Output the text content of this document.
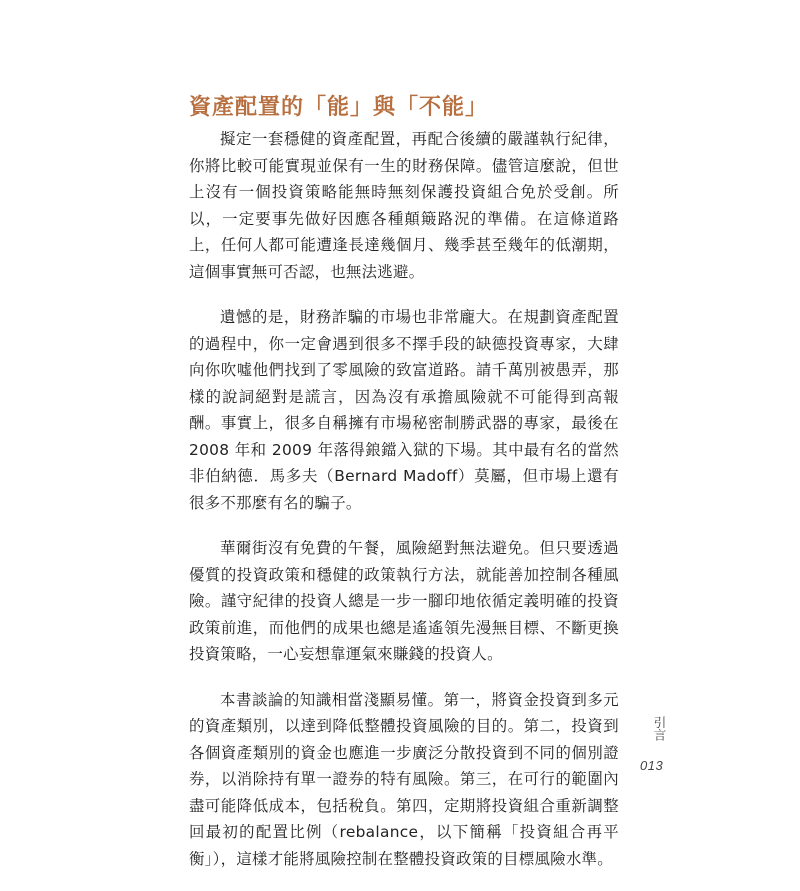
資產配置的「能」與「不能」

擬定一套穩健的資產配置，再配合後續的嚴謹執行紀律，你將比較可能實現並保有一生的財務保障。儘管這麼說，但世上沒有一個投資策略能無時無刻保護投資組合免於受創。所以，一定要事先做好因應各種顛簸路況的準備。在這條道路上，任何人都可能遭逢長達幾個月、幾季甚至幾年的低潮期，這個事實無可否認，也無法逃避。

遺憾的是，財務詐騙的市場也非常龐大。在規劃資產配置的過程中，你一定會遇到很多不擇手段的缺德投資專家，大肆向你吹噓他們找到了零風險的致富道路。請千萬別被愚弄，那樣的說詞絕對是謊言，因為沒有承擔風險就不可能得到高報酬。事實上，很多自稱擁有市場秘密制勝武器的專家，最後在 2008 年和 2009 年落得鋃鐺入獄的下場。其中最有名的當然非伯納德．馬多夫（Bernard Madoff）莫屬，但市場上還有很多不那麼有名的騙子。

華爾街沒有免費的午餐，風險絕對無法避免。但只要透過優質的投資政策和穩健的政策執行方法，就能善加控制各種風險。謹守紀律的投資人總是一步一腳印地依循定義明確的投資政策前進，而他們的成果也總是遙遙領先漫無目標、不斷更換投資策略，一心妄想靠運氣來賺錢的投資人。

本書談論的知識相當淺顯易懂。第一，將資金投資到多元的資產類別，以達到降低整體投資風險的目的。第二，投資到各個資產類別的資金也應進一步廣泛分散投資到不同的個別證券，以消除持有單一證券的特有風險。第三，在可行的範圍內盡可能降低成本，包括稅負。第四，定期將投資組合重新調整回最初的配置比例（rebalance，以下簡稱「投資組合再平衡」），這樣才能將風險控制在整體投資政策的目標風險水準。

引言
013
